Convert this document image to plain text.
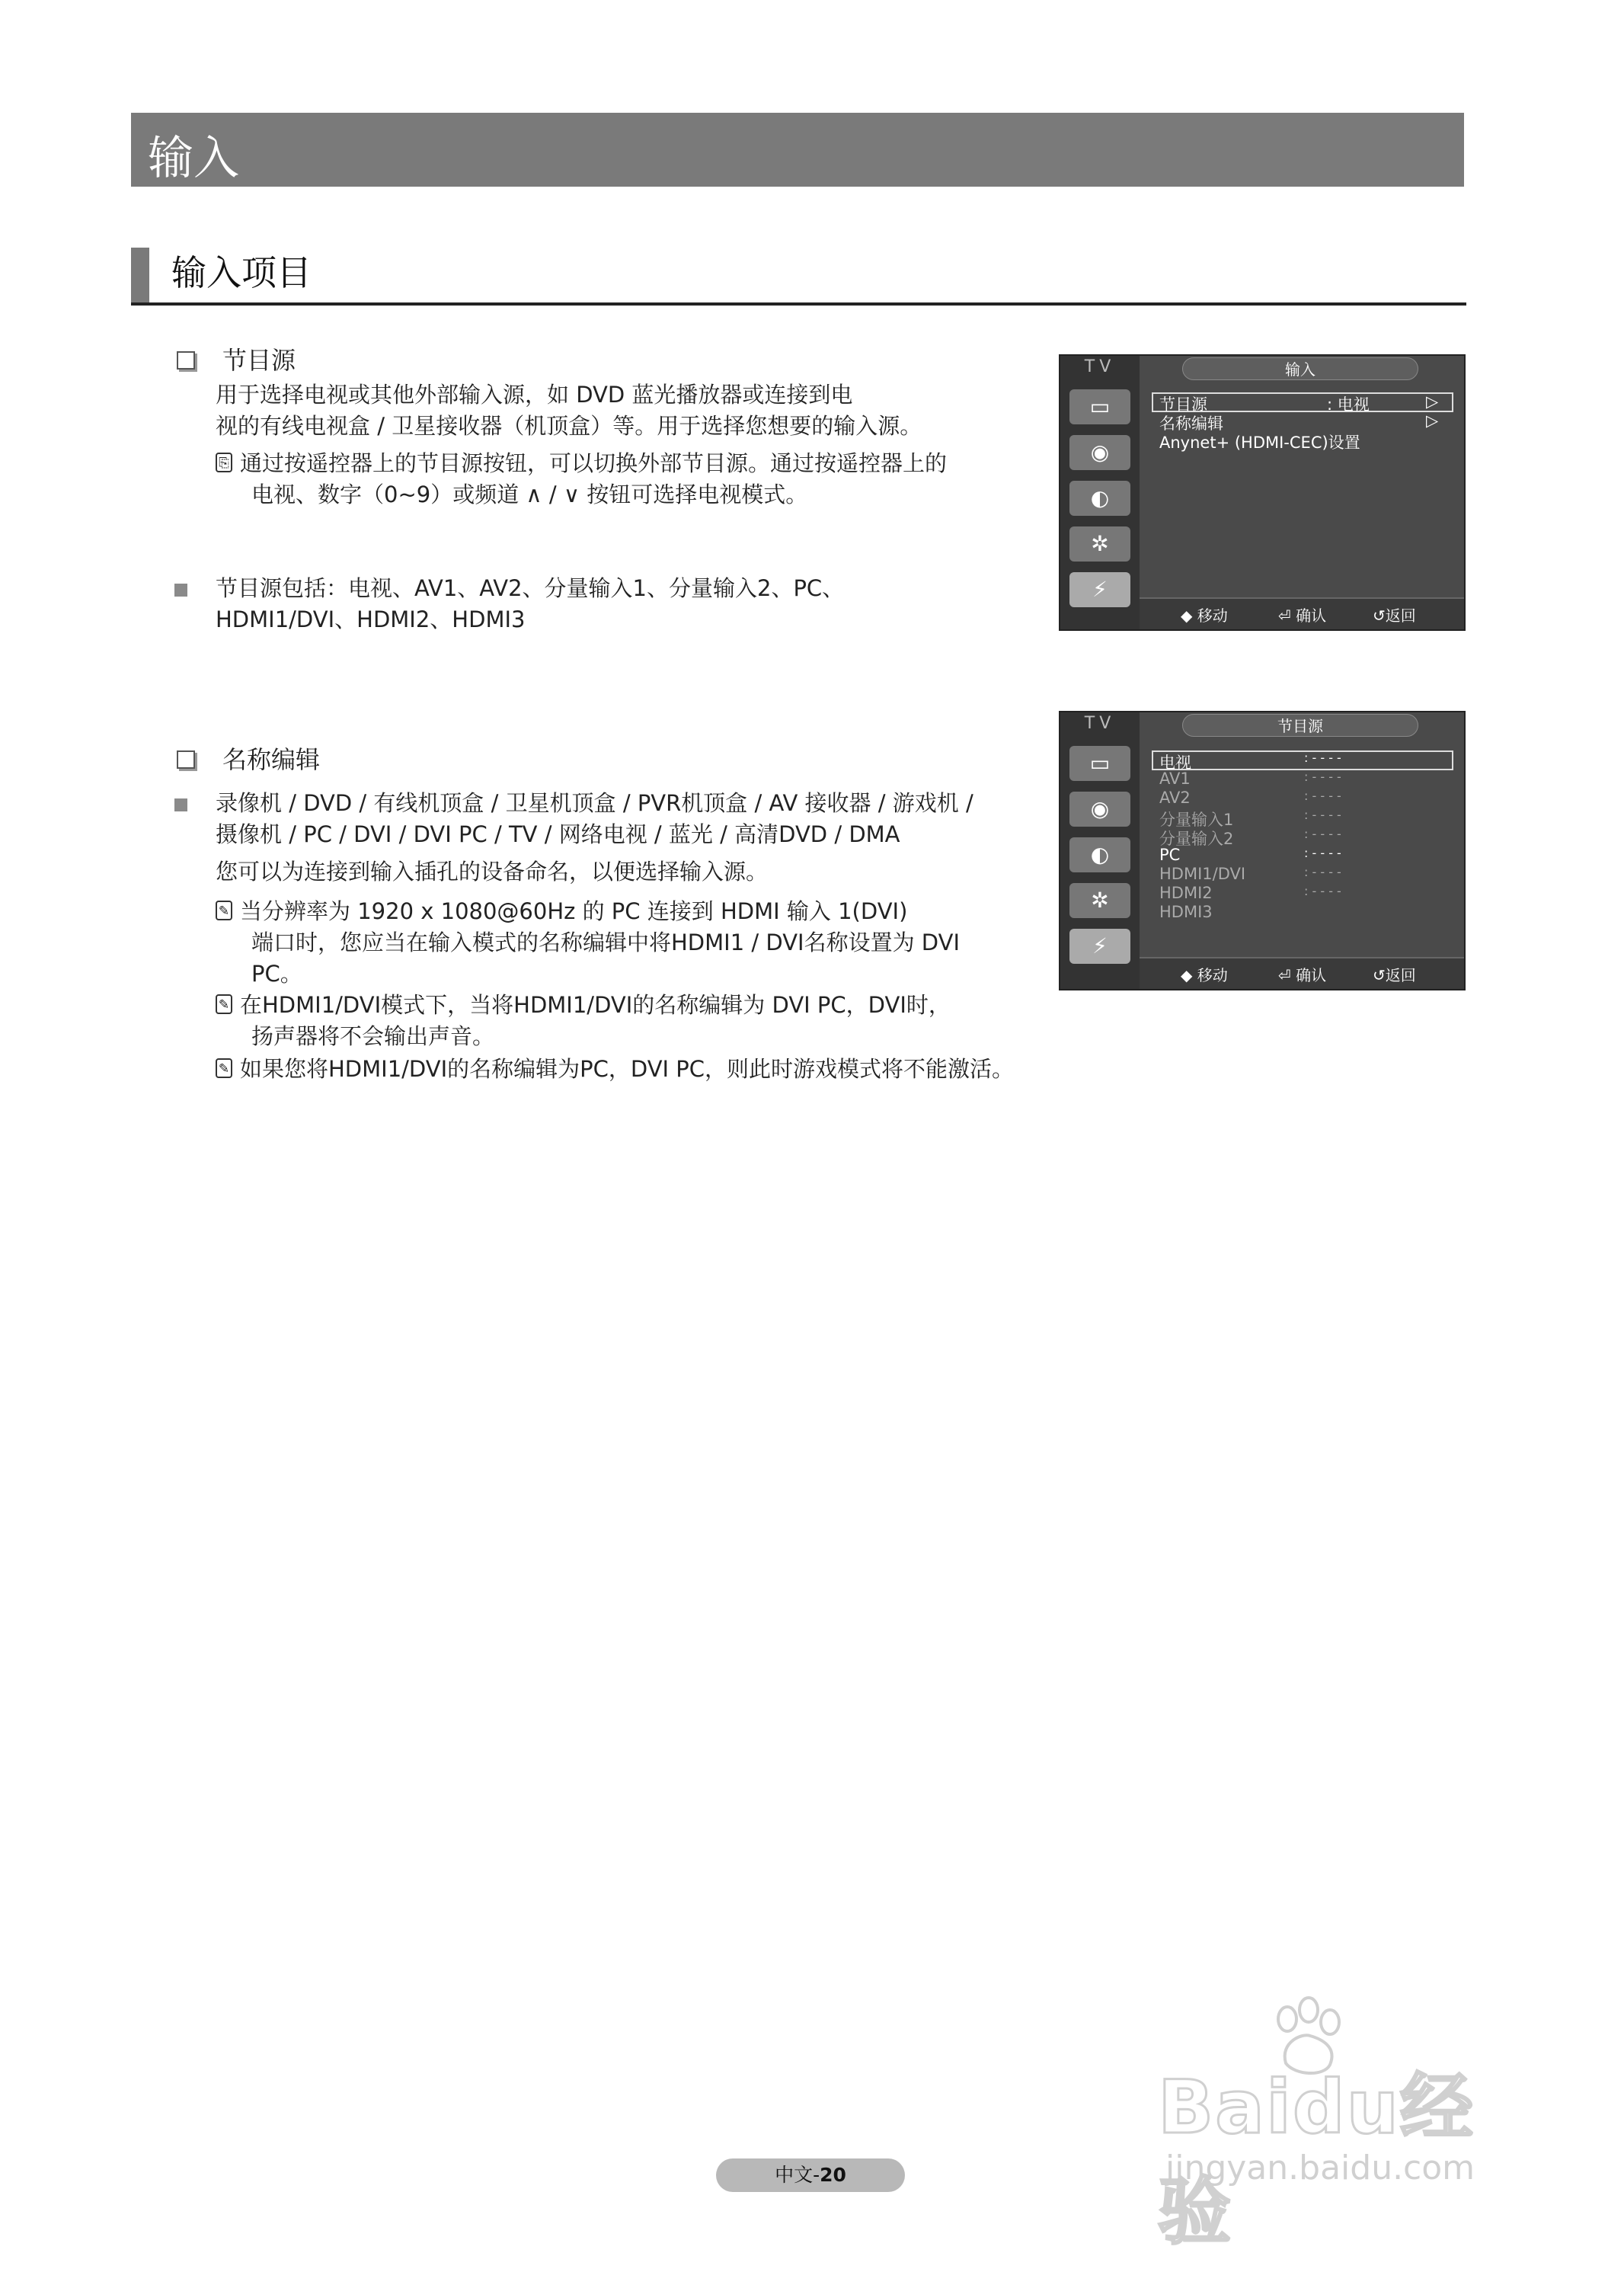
输入
输入项目
节目源
用于选择电视或其他外部输入源，如 DVD 蓝光播放器或连接到电
视的有线电视盒 / 卫星接收器（机顶盒）等。用于选择您想要的输入源。
⎘ 通过按遥控器上的节目源按钮，可以切换外部节目源。通过按遥控器上的
电视、数字（0~9）或频道 ∧ / ∨ 按钮可选择电视模式。
节目源包括：电视、AV1、AV2、分量输入1、分量输入2、PC、
HDMI1/DVI、HDMI2、HDMI3
TV	输入
▭
◉
◐
✲
⚡
节目源	: 电视	▷
名称编辑	▷
Anynet+ (HDMI-CEC)设置
◆ 移动	⏎ 确认	↺返回
名称编辑
录像机 / DVD / 有线机顶盒 / 卫星机顶盒 / PVR机顶盒 / AV 接收器 / 游戏机 /
摄像机 / PC / DVI / DVI PC / TV / 网络电视 / 蓝光 / 高清DVD / DMA
您可以为连接到输入插孔的设备命名，以便选择输入源。
✎ 当分辨率为 1920 x 1080@60Hz 的 PC 连接到 HDMI 输入 1(DVI)
端口时，您应当在输入模式的名称编辑中将HDMI1 / DVI名称设置为 DVI
PC。
✎ 在HDMI1/DVI模式下，当将HDMI1/DVI的名称编辑为 DVI PC，DVI时，
扬声器将不会输出声音。
✎ 如果您将HDMI1/DVI的名称编辑为PC，DVI PC，则此时游戏模式将不能激活。
TV	节目源
▭
◉
◐
✲
⚡
电视	: - - - -
AV1	: - - - -
AV2	: - - - -
分量输入1	: - - - -
分量输入2	: - - - -
PC	: - - - -
HDMI1/DVI	: - - - -
HDMI2	: - - - -
HDMI3
◆ 移动	⏎ 确认	↺返回
Baidu经验
jingyan.baidu.com
中文-20
